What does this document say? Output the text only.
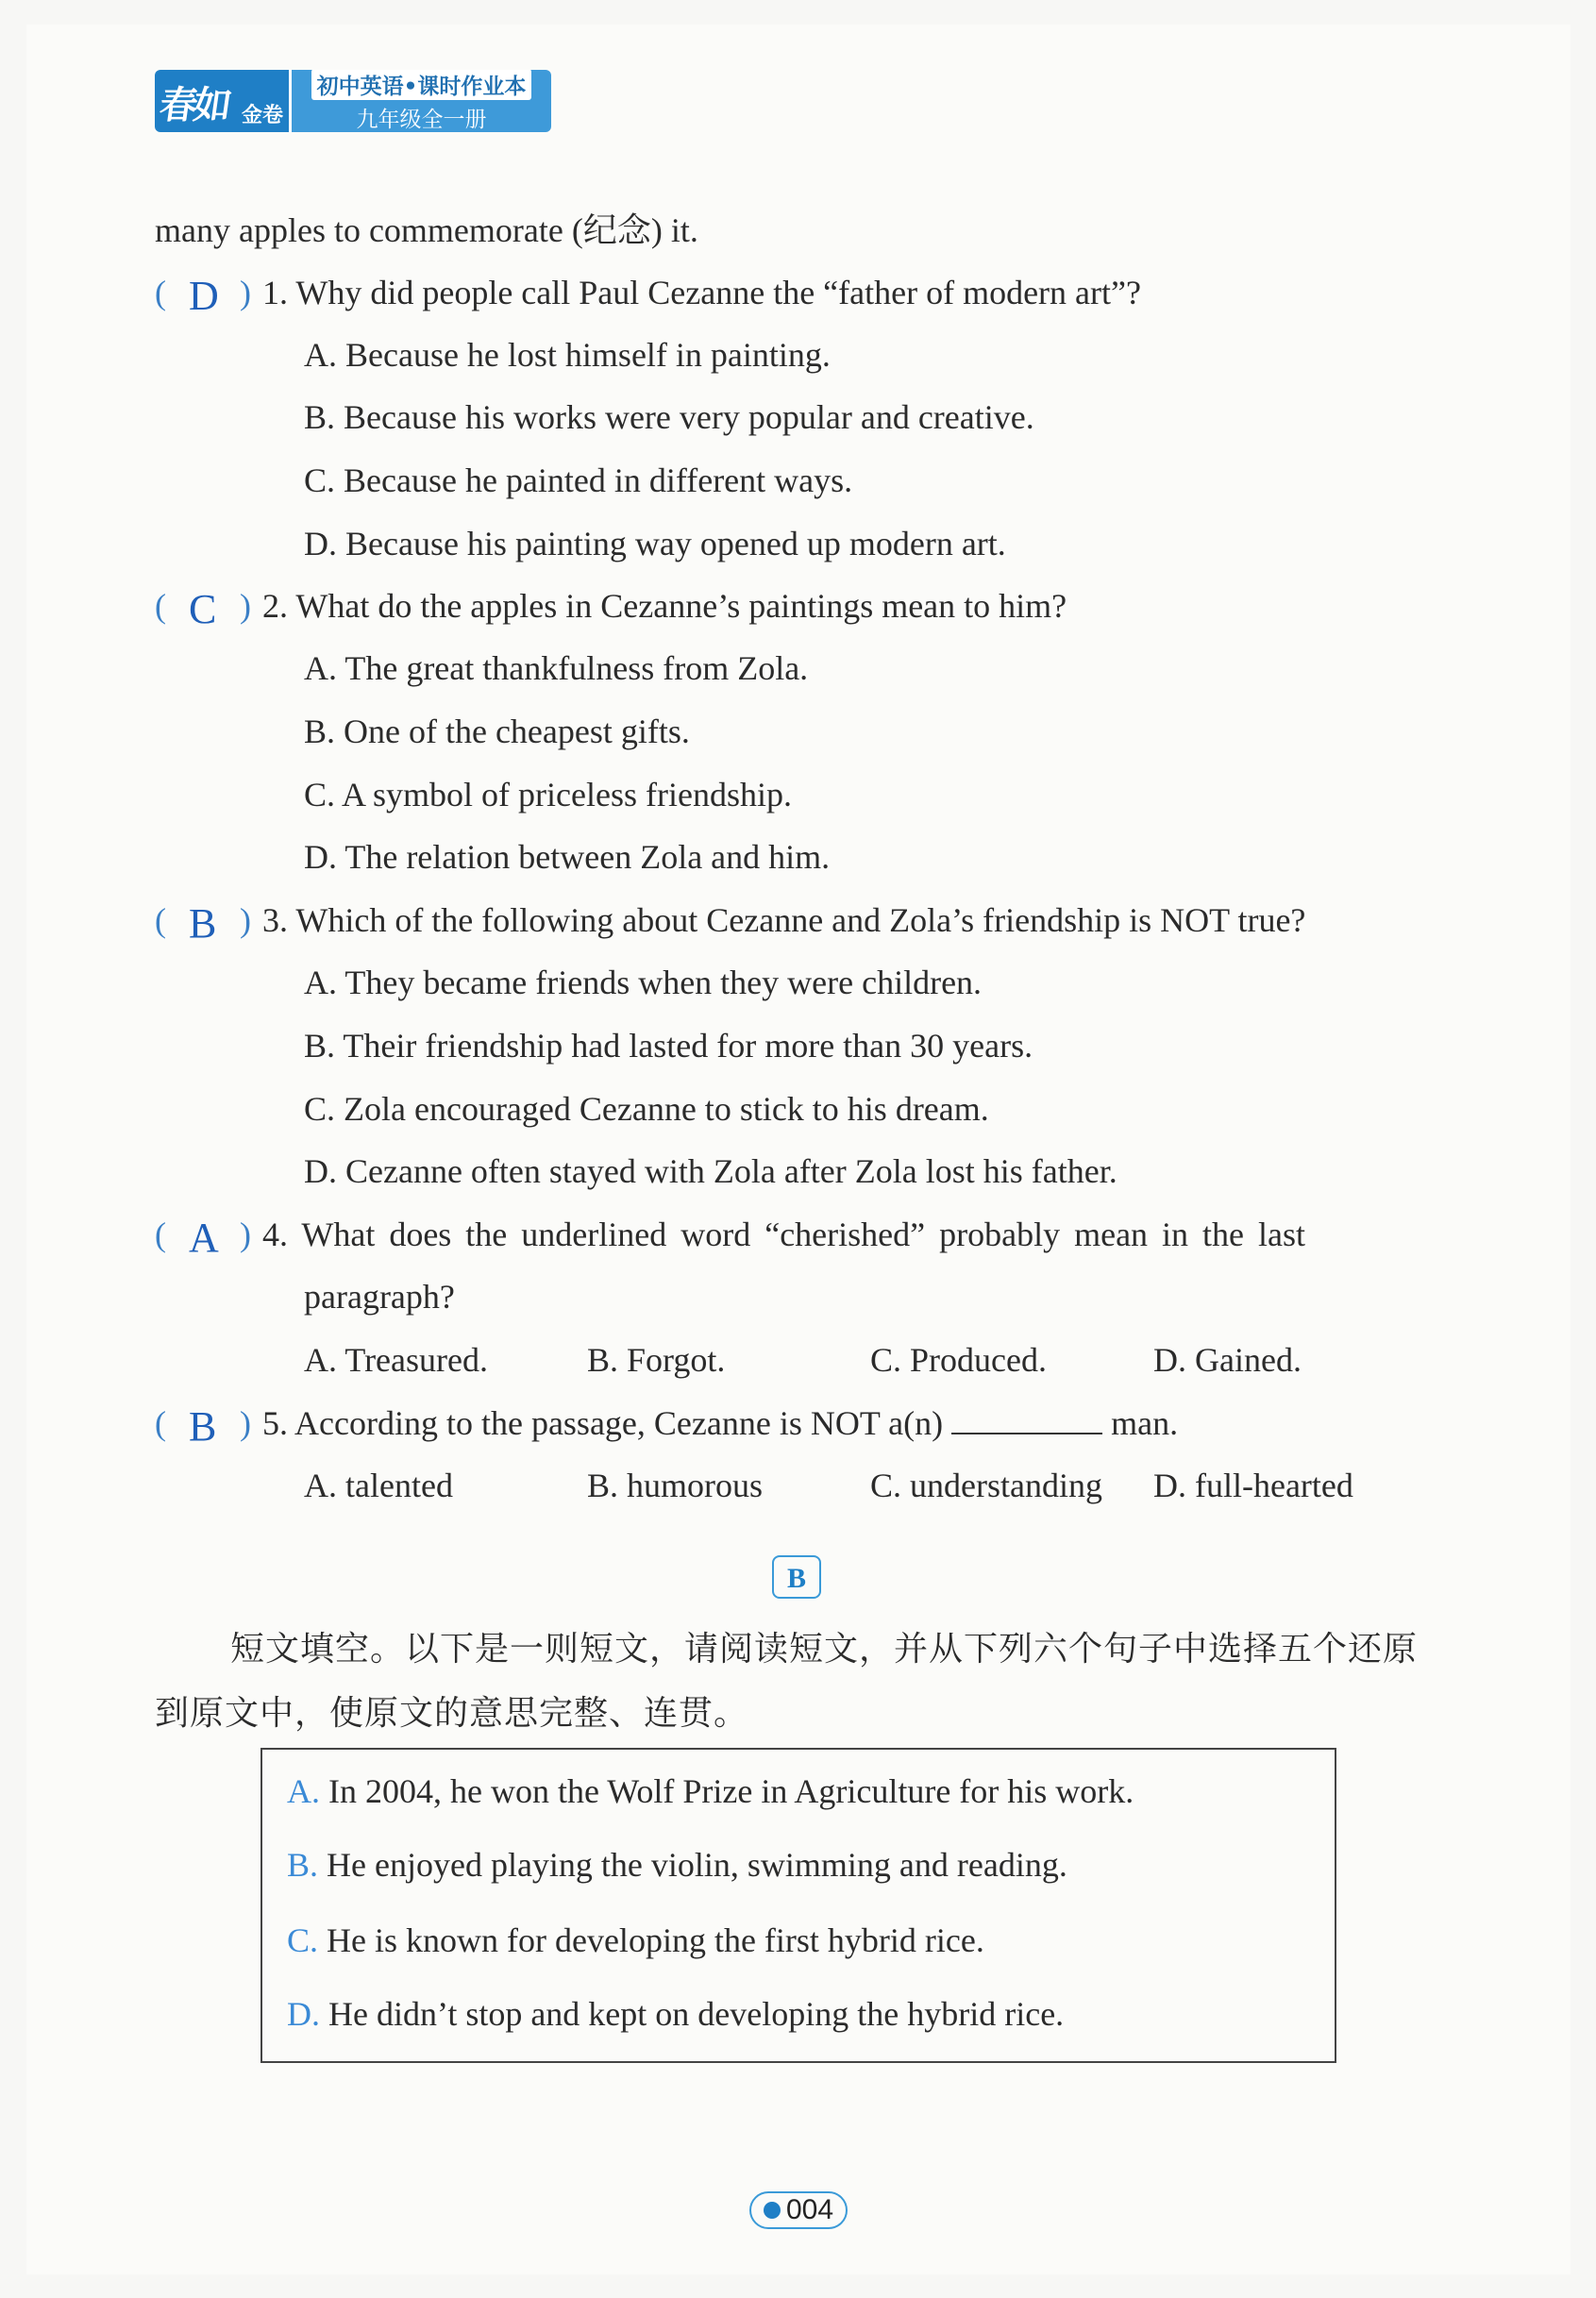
春如 金卷
初中英语•课时作业本
九年级全一册
many apples to commemorate (纪念) it.
( D ) 1. Why did people call Paul Cezanne the “father of modern art”?
A. Because he lost himself in painting.
B. Because his works were very popular and creative.
C. Because he painted in different ways.
D. Because his painting way opened up modern art.
( C ) 2. What do the apples in Cezanne’s paintings mean to him?
A. The great thankfulness from Zola.
B. One of the cheapest gifts.
C. A symbol of priceless friendship.
D. The relation between Zola and him.
( B ) 3. Which of the following about Cezanne and Zola’s friendship is NOT true?
A. They became friends when they were children.
B. Their friendship had lasted for more than 30 years.
C. Zola encouraged Cezanne to stick to his dream.
D. Cezanne often stayed with Zola after Zola lost his father.
( A ) 4. What does the underlined word “cherished” probably mean in the last
paragraph?
A. Treasured.	B. Forgot.	C. Produced.	D. Gained.
( B ) 5. According to the passage, Cezanne is NOT a(n)	man.
A. talented	B. humorous	C. understanding D. full-hearted
B
短文填空。以下是一则短文，请阅读短文，并从下列六个句子中选择五个还原到原文中，使原文的意思完整、连贯。
A. In 2004, he won the Wolf Prize in Agriculture for his work.
B. He enjoyed playing the violin, swimming and reading.
C. He is known for developing the first hybrid rice.
D. He didn’t stop and kept on developing the hybrid rice.
004
